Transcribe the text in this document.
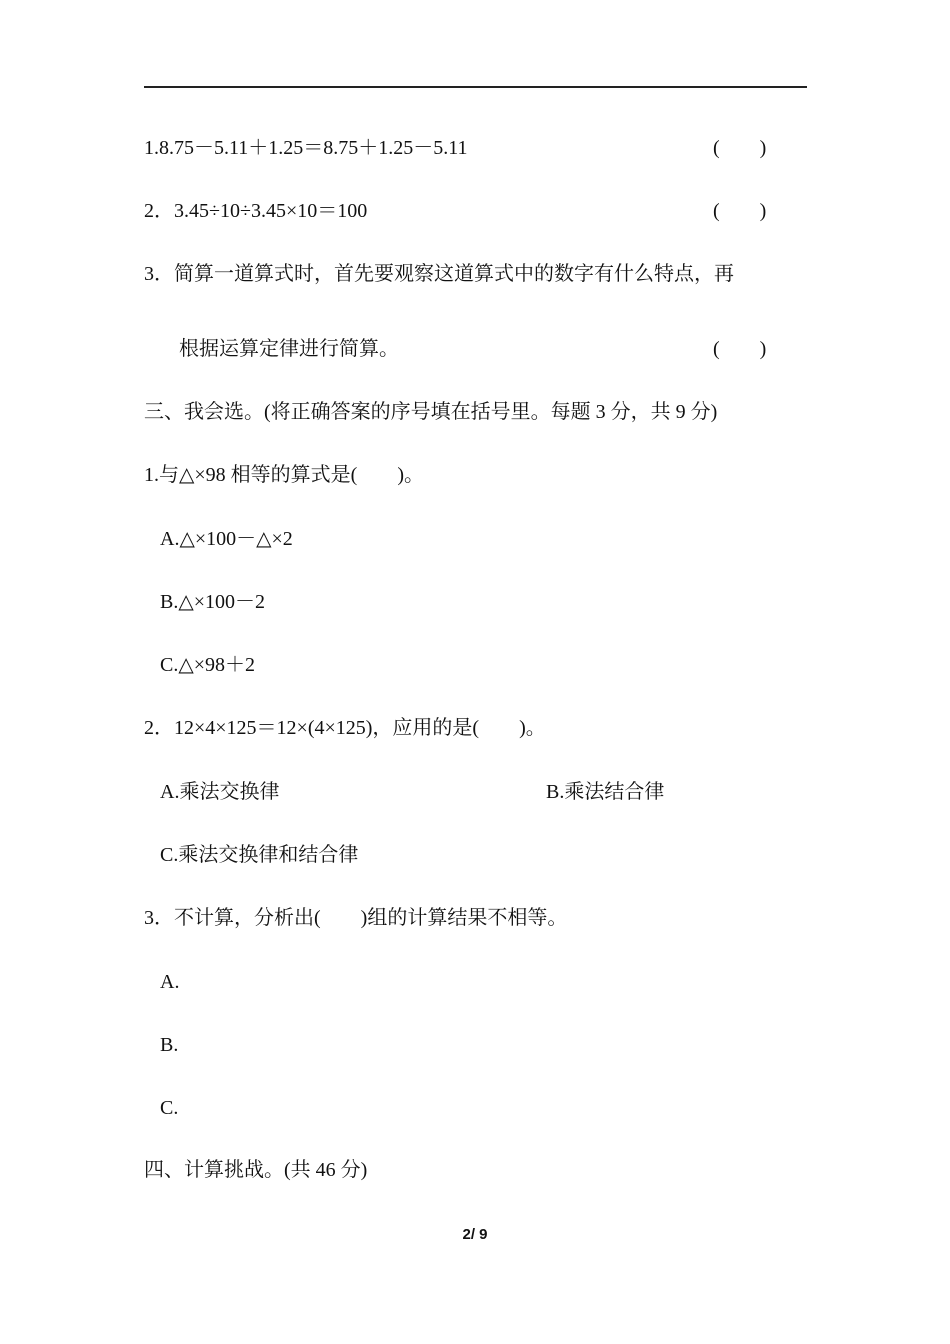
1.8.75－5.11＋1.25＝8.75＋1.25－5.11	(　　)
2．3.45÷10÷3.45×10＝100	(　　)
3．简算一道算式时，首先要观察这道算式中的数字有什么特点，再
根据运算定律进行简算。	(　　)
三、我会选。(将正确答案的序号填在括号里。每题 3 分，共 9 分)
1.与△×98 相等的算式是(　　)。
A.△×100－△×2
B.△×100－2
C.△×98＋2
2．12×4×125＝12×(4×125)，应用的是(　　)。
A.乘法交换律	B.乘法结合律
C.乘法交换律和结合律
3．不计算，分析出(　　)组的计算结果不相等。
A.
B.
C.
四、计算挑战。(共 46 分)
2/ 9
